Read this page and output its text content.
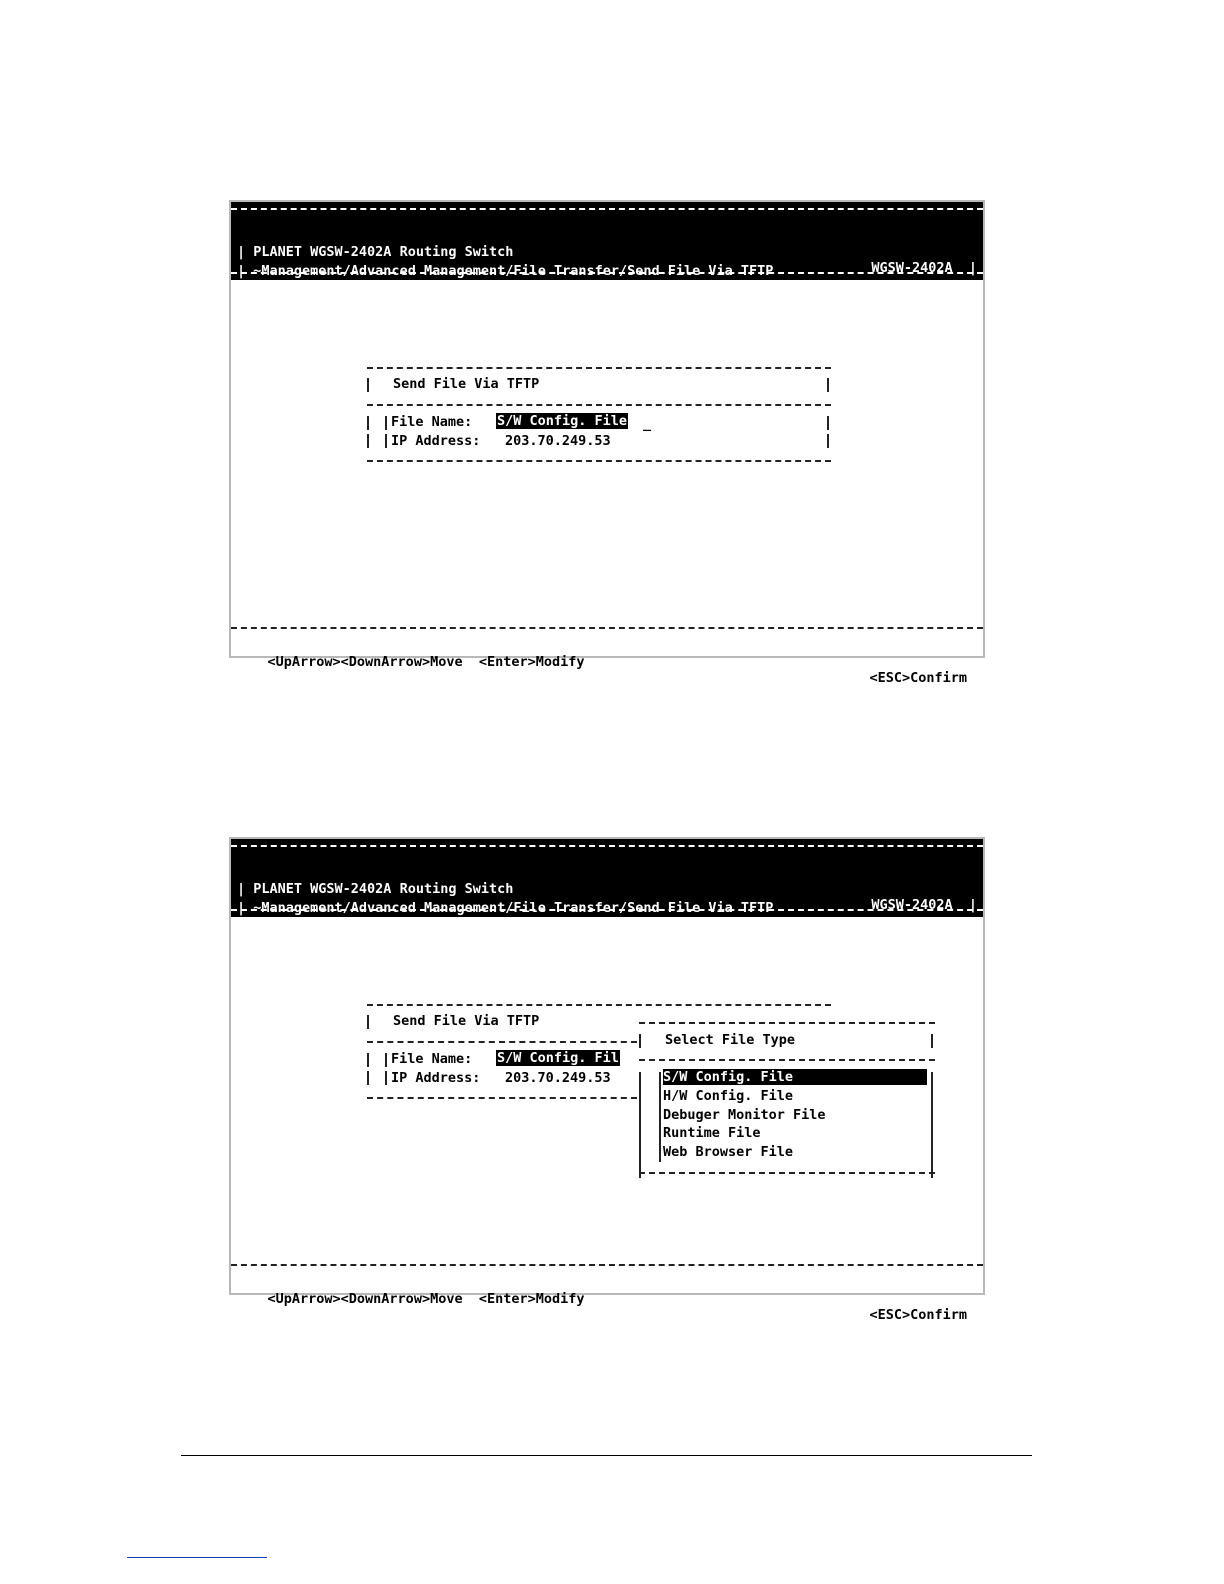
| PLANET WGSW-2402A Routing Switch

WGSW-2402A  |

| ~Management/Advanced Management/File Transfer/Send File Via TFTP

admin  |

Send File Via TFTP
File Name: S/W Config. File _
IP Address: 203.70.249.53

<UpArrow><DownArrow>Move  <Enter>Modify

<ESC>Confirm

| PLANET WGSW-2402A Routing Switch

WGSW-2402A  |

| ~Management/Advanced Management/File Transfer/Send File Via TFTP

admin  |

Send File Via TFTP
File Name: S/W Config. Fil
IP Address: 203.70.249.53
Select File Type
S/W Config. File
H/W Config. File
Debuger Monitor File
Runtime File
Web Browser File

<UpArrow><DownArrow>Move  <Enter>Modify

<ESC>Confirm
